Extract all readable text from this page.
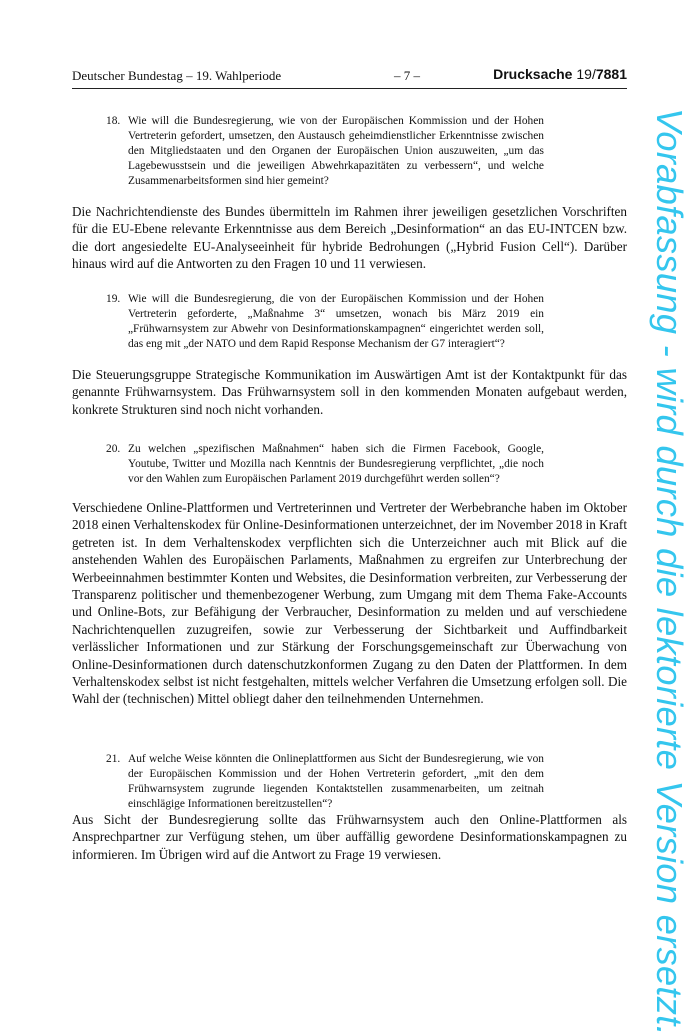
Deutscher Bundestag – 19. Wahlperiode	– 7 –	Drucksache 19/7881
18. Wie will die Bundesregierung, wie von der Europäischen Kommission und der Hohen Vertreterin gefordert, umsetzen, den Austausch geheimdienstlicher Erkenntnisse zwischen den Mitgliedstaaten und den Organen der Europäischen Union auszuweiten, „um das Lagebewusstsein und die jeweiligen Abwehrkapazitäten zu verbessern“, und welche Zusammenarbeitsformen sind hier gemeint?
Die Nachrichtendienste des Bundes übermitteln im Rahmen ihrer jeweiligen gesetzlichen Vorschriften für die EU-Ebene relevante Erkenntnisse aus dem Bereich „Desinformation“ an das EU-INTCEN bzw. die dort angesiedelte EU-Analyseeinheit für hybride Bedrohungen („Hybrid Fusion Cell“). Darüber hinaus wird auf die Antworten zu den Fragen 10 und 11 verwiesen.
19. Wie will die Bundesregierung, die von der Europäischen Kommission und der Hohen Vertreterin geforderte, „Maßnahme 3“ umsetzen, wonach bis März 2019 ein „Frühwarnsystem zur Abwehr von Desinformationskampagnen“ eingerichtet werden soll, das eng mit „der NATO und dem Rapid Response Mechanism der G7 interagiert“?
Die Steuerungsgruppe Strategische Kommunikation im Auswärtigen Amt ist der Kontaktpunkt für das genannte Frühwarnsystem. Das Frühwarnsystem soll in den kommenden Monaten aufgebaut werden, konkrete Strukturen sind noch nicht vorhanden.
20. Zu welchen „spezifischen Maßnahmen“ haben sich die Firmen Facebook, Google, Youtube, Twitter und Mozilla nach Kenntnis der Bundesregierung verpflichtet, „die noch vor den Wahlen zum Europäischen Parlament 2019 durchgeführt werden sollen“?
Verschiedene Online-Plattformen und Vertreterinnen und Vertreter der Werbebranche haben im Oktober 2018 einen Verhaltenskodex für Online-Desinformationen unterzeichnet, der im November 2018 in Kraft getreten ist. In dem Verhaltenskodex verpflichten sich die Unterzeichner auch mit Blick auf die anstehenden Wahlen des Europäischen Parlaments, Maßnahmen zu ergreifen zur Unterbrechung der Werbeeinnahmen bestimmter Konten und Websites, die Desinformation verbreiten, zur Verbesserung der Transparenz politischer und themenbezogener Werbung, zum Umgang mit dem Thema Fake-Accounts und Online-Bots, zur Befähigung der Verbraucher, Desinformation zu melden und auf verschiedene Nachrichtenquellen zuzugreifen, sowie zur Verbesserung der Sichtbarkeit und Auffindbarkeit verlässlicher Informationen und zur Stärkung der Forschungsgemeinschaft zur Überwachung von Online-Desinformationen durch datenschutzkonformen Zugang zu den Daten der Plattformen. In dem Verhaltenskodex selbst ist nicht festgehalten, mittels welcher Verfahren die Umsetzung erfolgen soll. Die Wahl der (technischen) Mittel obliegt daher den teilnehmenden Unternehmen.
21. Auf welche Weise könnten die Onlineplattformen aus Sicht der Bundesregierung, wie von der Europäischen Kommission und der Hohen Vertreterin gefordert, „mit den dem Frühwarnsystem zugrunde liegenden Kontaktstellen zusammenarbeiten, um zeitnah einschlägige Informationen bereitzustellen“?
Aus Sicht der Bundesregierung sollte das Frühwarnsystem auch den Online-Plattformen als Ansprechpartner zur Verfügung stehen, um über auffällig gewordene Desinformationskampagnen zu informieren. Im Übrigen wird auf die Antwort zu Frage 19 verwiesen.	Vorabfassung - wird durch die lektorierte Version ersetzt.
